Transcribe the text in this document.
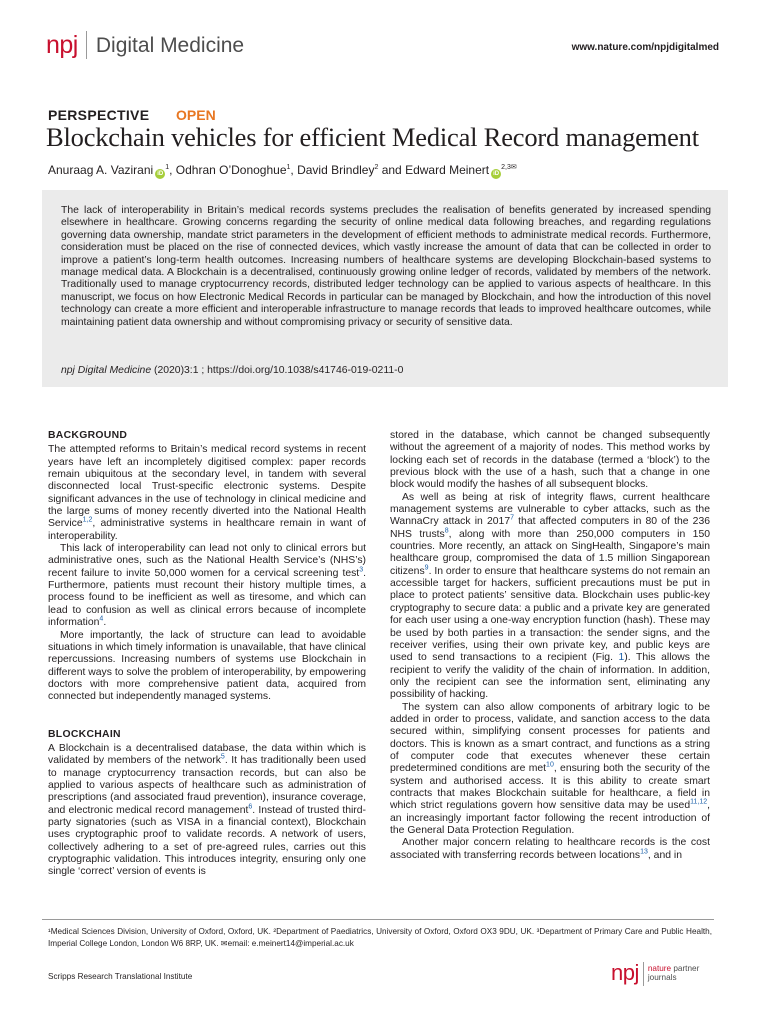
npj Digital Medicine	www.nature.com/npjdigitalmed
PERSPECTIVE OPEN
Blockchain vehicles for efficient Medical Record management
Anuraag A. Vazirani $iD^1$, Odhran O’Donoghue$^1$, David Brindley$^2$ and Edward Meinert $iD^{2,3✉}$
The lack of interoperability in Britain’s medical records systems precludes the realisation of benefits generated by increased spending elsewhere in healthcare. Growing concerns regarding the security of online medical data following breaches, and regarding regulations governing data ownership, mandate strict parameters in the development of efficient methods to administrate medical records. Furthermore, consideration must be placed on the rise of connected devices, which vastly increase the amount of data that can be collected in order to improve a patient’s long-term health outcomes. Increasing numbers of healthcare systems are developing Blockchain-based systems to manage medical data. A Blockchain is a decentralised, continuously growing online ledger of records, validated by members of the network. Traditionally used to manage cryptocurrency records, distributed ledger technology can be applied to various aspects of healthcare. In this manuscript, we focus on how Electronic Medical Records in particular can be managed by Blockchain, and how the introduction of this novel technology can create a more efficient and interoperable infrastructure to manage records that leads to improved healthcare outcomes, while maintaining patient data ownership and without compromising privacy or security of sensitive data.
npj Digital Medicine (2020)3:1 ; https://doi.org/10.1038/s41746-019-0211-0
BACKGROUND

The attempted reforms to Britain’s medical record systems in recent years have left an incompletely digitised complex: paper records remain ubiquitous at the secondary level, in tandem with several disconnected local Trust-specific electronic systems. Despite significant advances in the use of technology in clinical medicine and the large sums of money recently diverted into the National Health Service$^{1,2}$, administrative systems in healthcare remain in want of interoperability.

This lack of interoperability can lead not only to clinical errors but administrative ones, such as the National Health Service’s (NHS’s) recent failure to invite 50,000 women for a cervical screening test$^3$. Furthermore, patients must recount their history multiple times, a process found to be inefficient as well as tiresome, and which can lead to confusion as well as clinical errors because of incomplete information$^4$.

More importantly, the lack of structure can lead to avoidable situations in which timely information is unavailable, that have clinical repercussions. Increasing numbers of systems use Blockchain in different ways to solve the problem of interoperability, by empowering doctors with more comprehensive patient data, acquired from connected but independently managed systems.

BLOCKCHAIN

A Blockchain is a decentralised database, the data within which is validated by members of the network$^5$. It has traditionally been used to manage cryptocurrency transaction records, but can also be applied to various aspects of healthcare such as administration of prescriptions (and associated fraud prevention), insurance coverage, and electronic medical record management$^6$. Instead of trusted third-party signatories (such as VISA in a financial context), Blockchain uses cryptographic proof to validate records. A network of users, collectively adhering to a set of pre-agreed rules, carries out this cryptographic validation. This introduces integrity, ensuring only one single ‘correct’ version of events is

stored in the database, which cannot be changed subsequently without the agreement of a majority of nodes. This method works by locking each set of records in the database (termed a ‘block’) to the previous block with the use of a hash, such that a change in one block would modify the hashes of all subsequent blocks.

As well as being at risk of integrity flaws, current healthcare management systems are vulnerable to cyber attacks, such as the WannaCry attack in 2017$^7$ that affected computers in 80 of the 236 NHS trusts$^8$, along with more than 250,000 computers in 150 countries. More recently, an attack on SingHealth, Singapore’s main healthcare group, compromised the data of 1.5 million Singaporean citizens$^9$. In order to ensure that healthcare systems do not remain an accessible target for hackers, sufficient precautions must be put in place to protect patients’ sensitive data. Blockchain uses public-key cryptography to secure data: a public and a private key are generated for each user using a one-way encryption function (hash). These may be used by both parties in a transaction: the sender signs, and the receiver verifies, using their own private key, and public keys are used to send transactions to a recipient (Fig. 1). This allows the recipient to verify the validity of the chain of information. In addition, only the recipient can see the information sent, eliminating any possibility of hacking.

The system can also allow components of arbitrary logic to be added in order to process, validate, and sanction access to the data secured within, simplifying consent processes for patients and doctors. This is known as a smart contract, and functions as a string of computer code that executes whenever these certain predetermined conditions are met$^{10}$, ensuring both the security of the system and authorised access. It is this ability to create smart contracts that makes Blockchain suitable for healthcare, a field in which strict regulations govern how sensitive data may be used$^{11,12}$, an increasingly important factor following the recent introduction of the General Data Protection Regulation.

Another major concern relating to healthcare records is the cost associated with transferring records between locations$^{13}$, and in

¹Medical Sciences Division, University of Oxford, Oxford, UK. ²Department of Paediatrics, University of Oxford, Oxford OX3 9DU, UK. ³Department of Primary Care and Public Health, Imperial College London, London W6 8RP, UK. ✉email: e.meinert14@imperial.ac.uk
Scripps Research Translational Institute	npj nature partner
journals
